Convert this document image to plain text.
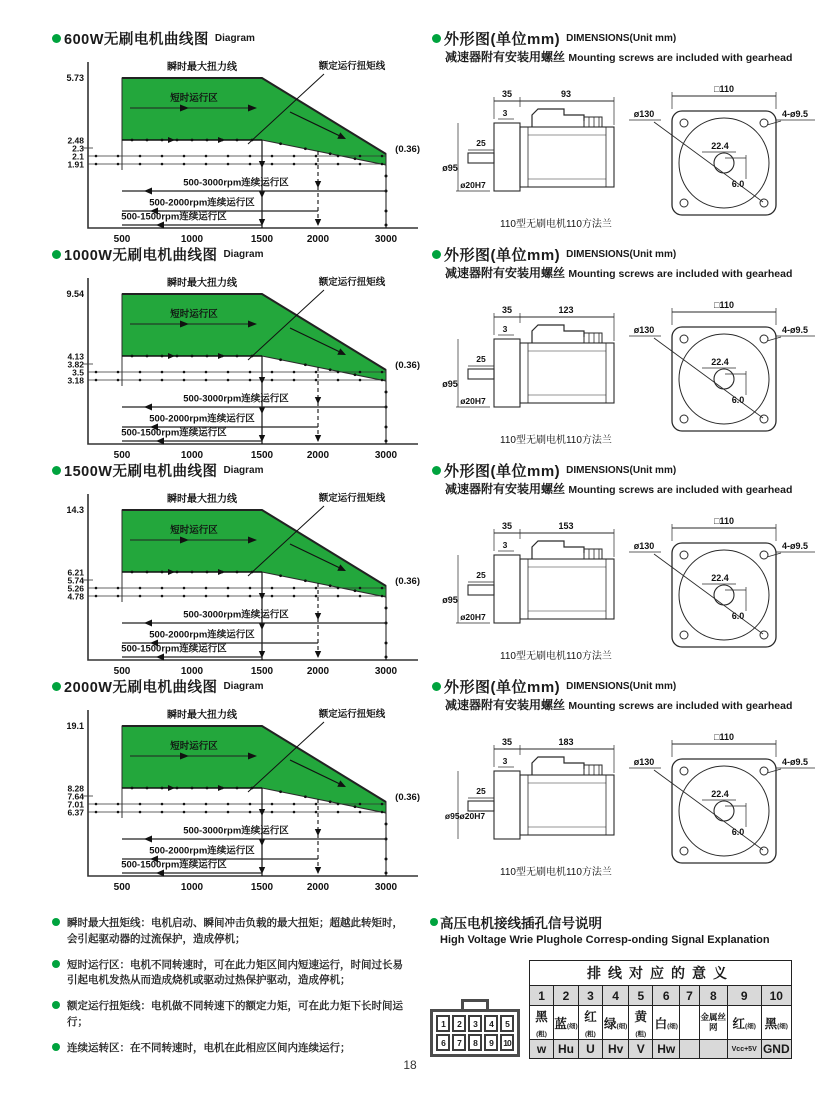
600W无刷电机曲线图 Diagram
5.73
2.48
2.3
2.1
1.91
500	1000	1500	2000	3000
瞬时最大扭力线
短时运行区
额定运行扭矩线
(0.36)
500-3000rpm连续运行区
500-2000rpm连续运行区
500-1500rpm连续运行区
外形图(单位mm) DIMENSIONS(Unit mm)
减速器附有安装用螺丝 Mounting screws are included with gearhead
35	93
3
25
ø95
ø20H7
110型无刷电机110方法兰
□110
ø130	4-ø9.5
22.4
6.0
1000W无刷电机曲线图 Diagram
9.54
4.13
3.82
3.5
3.18
500	1000	1500	2000	3000
瞬时最大扭力线
短时运行区
额定运行扭矩线
(0.36)
500-3000rpm连续运行区
500-2000rpm连续运行区
500-1500rpm连续运行区
外形图(单位mm) DIMENSIONS(Unit mm)
减速器附有安装用螺丝 Mounting screws are included with gearhead
35	123
3
25
ø95
ø20H7
110型无刷电机110方法兰
□110
ø130	4-ø9.5
22.4
6.0
1500W无刷电机曲线图 Diagram
14.3
6.21
5.74
5.26
4.78
500	1000	1500	2000	3000
瞬时最大扭力线
短时运行区
额定运行扭矩线
(0.36)
500-3000rpm连续运行区
500-2000rpm连续运行区
500-1500rpm连续运行区
外形图(单位mm) DIMENSIONS(Unit mm)
减速器附有安装用螺丝 Mounting screws are included with gearhead
35	153
3
25
ø95
ø20H7
110型无刷电机110方法兰
□110
ø130	4-ø9.5
22.4
6.0
2000W无刷电机曲线图 Diagram
19.1
8.28
7.64
7.01
6.37
500	1000	1500	2000	3000
瞬时最大扭力线
短时运行区
额定运行扭矩线
(0.36)
500-3000rpm连续运行区
500-2000rpm连续运行区
500-1500rpm连续运行区
外形图(单位mm) DIMENSIONS(Unit mm)
减速器附有安装用螺丝 Mounting screws are included with gearhead
35	183
3
25
ø95ø20H7
110型无刷电机110方法兰
□110
ø130	4-ø9.5
22.4
6.0
瞬时最大扭矩线：电机启动、瞬间冲击负载的最大扭矩；超越此转矩时，会引起驱动器的过流保护，造成停机；
短时运行区：电机不同转速时，可在此力矩区间内短速运行，时间过长易引起电机发热从而造成烧机或驱动过热保护驱动，造成停机；
额定运行扭矩线：电机做不同转速下的额定力矩，可在此力矩下长时间运行；
连续运转区：在不同转速时，电机在此相应区间内连续运行；
高压电机接线插孔信号说明
High Voltage Wrie Plughole Corresp-onding Signal Explanation
1	2	3	4	5
6	7	8	9	10
排线对应的意义									
1	2	3	4	5	6	7	8	9	10
黑(粗)	蓝(细)	红(粗)	绿(细)	黄(粗)	白(细)		金属丝网	红(细)	黑(细)
w	Hu	U	Hv	V	Hw			Vcc+5V	GND
18
